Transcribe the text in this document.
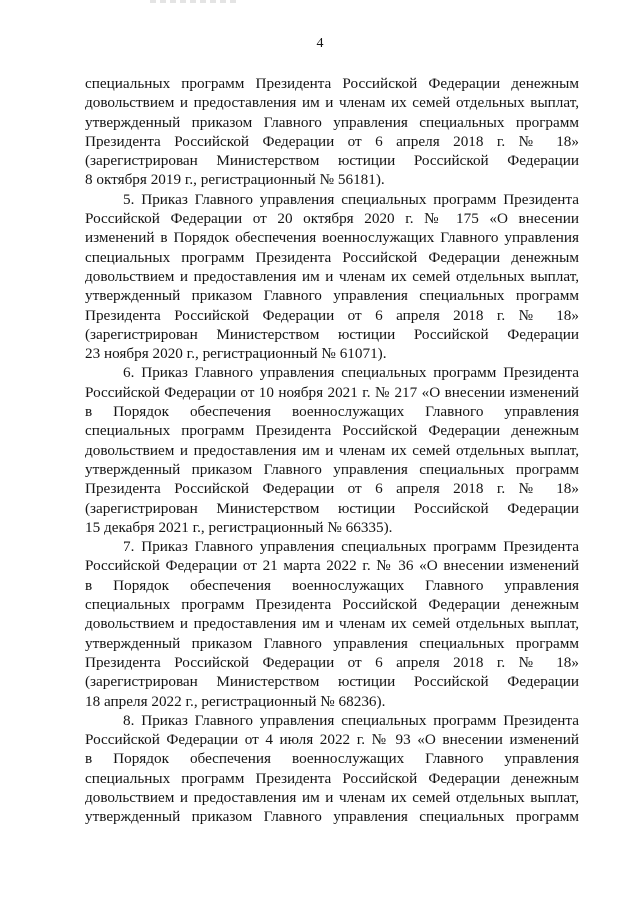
4
специальных программ Президента Российской Федерации денежным
довольствием и предоставления им и членам их семей отдельных выплат,
утвержденный приказом Главного управления специальных программ
Президента Российской Федерации от 6 апреля 2018 г. № 18»
(зарегистрирован Министерством юстиции Российской Федерации
8 октября 2019 г., регистрационный № 56181).
5. Приказ Главного управления специальных программ Президента
Российской Федерации от 20 октября 2020 г. № 175 «О внесении
изменений в Порядок обеспечения военнослужащих Главного управления
специальных программ Президента Российской Федерации денежным
довольствием и предоставления им и членам их семей отдельных выплат,
утвержденный приказом Главного управления специальных программ
Президента Российской Федерации от 6 апреля 2018 г. № 18»
(зарегистрирован Министерством юстиции Российской Федерации
23 ноября 2020 г., регистрационный № 61071).
6. Приказ Главного управления специальных программ Президента
Российской Федерации от 10 ноября 2021 г. № 217 «О внесении изменений
в Порядок обеспечения военнослужащих Главного управления
специальных программ Президента Российской Федерации денежным
довольствием и предоставления им и членам их семей отдельных выплат,
утвержденный приказом Главного управления специальных программ
Президента Российской Федерации от 6 апреля 2018 г. № 18»
(зарегистрирован Министерством юстиции Российской Федерации
15 декабря 2021 г., регистрационный № 66335).
7. Приказ Главного управления специальных программ Президента
Российской Федерации от 21 марта 2022 г. № 36 «О внесении изменений
в Порядок обеспечения военнослужащих Главного управления
специальных программ Президента Российской Федерации денежным
довольствием и предоставления им и членам их семей отдельных выплат,
утвержденный приказом Главного управления специальных программ
Президента Российской Федерации от 6 апреля 2018 г. № 18»
(зарегистрирован Министерством юстиции Российской Федерации
18 апреля 2022 г., регистрационный № 68236).
8. Приказ Главного управления специальных программ Президента
Российской Федерации от 4 июля 2022 г. № 93 «О внесении изменений
в Порядок обеспечения военнослужащих Главного управления
специальных программ Президента Российской Федерации денежным
довольствием и предоставления им и членам их семей отдельных выплат,
утвержденный приказом Главного управления специальных программ
